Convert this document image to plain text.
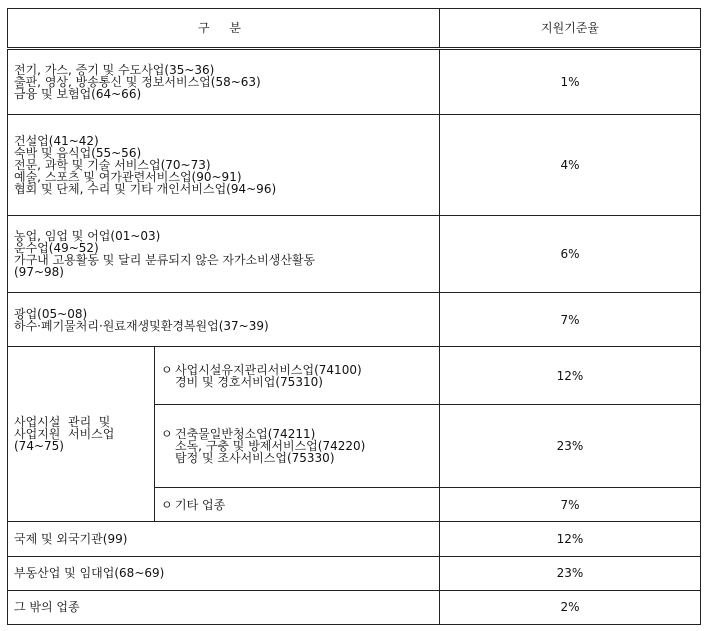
구 분		지원기준율

전기, 가스, 증기 및 수도사업(35~36)
출판, 영상, 방송통신 및 정보서비스업(58~63)
금융 및 보험업(64~66)		1%

건설업(41~42)
숙박 및 음식업(55~56)
전문, 과학 및 기술 서비스업(70~73)
예술, 스포츠 및 여가관련서비스업(90~91)
협회 및 단체, 수리 및 기타 개인서비스업(94~96)		4%

농업, 임업 및 어업(01~03)
운수업(49~52)
가구내 고용활동 및 달리 분류되지 않은 자가소비생산활동
(97~98)		6%

광업(05~08)
하수·폐기물처리·원료재생및환경복원업(37~39)		7%

사업시설  관리  및
사업지원  서비스업
(74~75)	ㅇ 사업시설유지관리서비스업(74100)
경비 및 경호서비업(75310)	12%

	ㅇ 건축물일반청소업(74211)
소독, 구충 및 방제서비스업(74220)
탐정 및 조사서비스업(75330)	23%

	ㅇ 기타 업종	7%
국제 및 외국기관(99)		12%
부동산업 및 임대업(68~69)		23%
그 밖의 업종		2%
